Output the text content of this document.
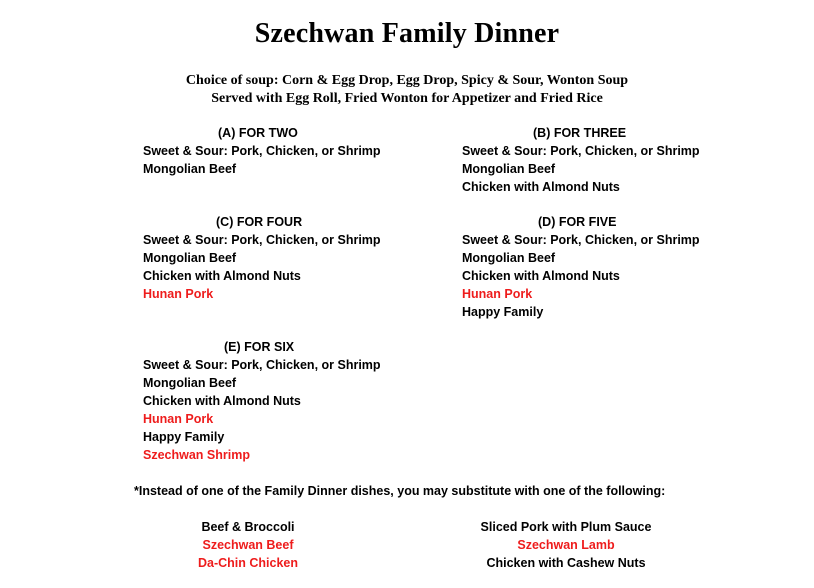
Szechwan Family Dinner
Choice of soup: Corn & Egg Drop, Egg Drop, Spicy & Sour, Wonton Soup
Served with Egg Roll, Fried Wonton for Appetizer and Fried Rice
(A) FOR TWO
Sweet & Sour: Pork, Chicken, or Shrimp
Mongolian Beef
(B) FOR THREE
Sweet & Sour: Pork, Chicken, or Shrimp
Mongolian Beef
Chicken with Almond Nuts
(C) FOR FOUR
Sweet & Sour: Pork, Chicken, or Shrimp
Mongolian Beef
Chicken with Almond Nuts
Hunan Pork
(D) FOR FIVE
Sweet & Sour: Pork, Chicken, or Shrimp
Mongolian Beef
Chicken with Almond Nuts
Hunan Pork
Happy Family
(E) FOR SIX
Sweet & Sour: Pork, Chicken, or Shrimp
Mongolian Beef
Chicken with Almond Nuts
Hunan Pork
Happy Family
Szechwan Shrimp
*Instead of one of the Family Dinner dishes, you may substitute with one of the following:
Beef & Broccoli
Szechwan Beef
Da-Chin Chicken
Sliced Pork with Plum Sauce
Szechwan Lamb
Chicken with Cashew Nuts
